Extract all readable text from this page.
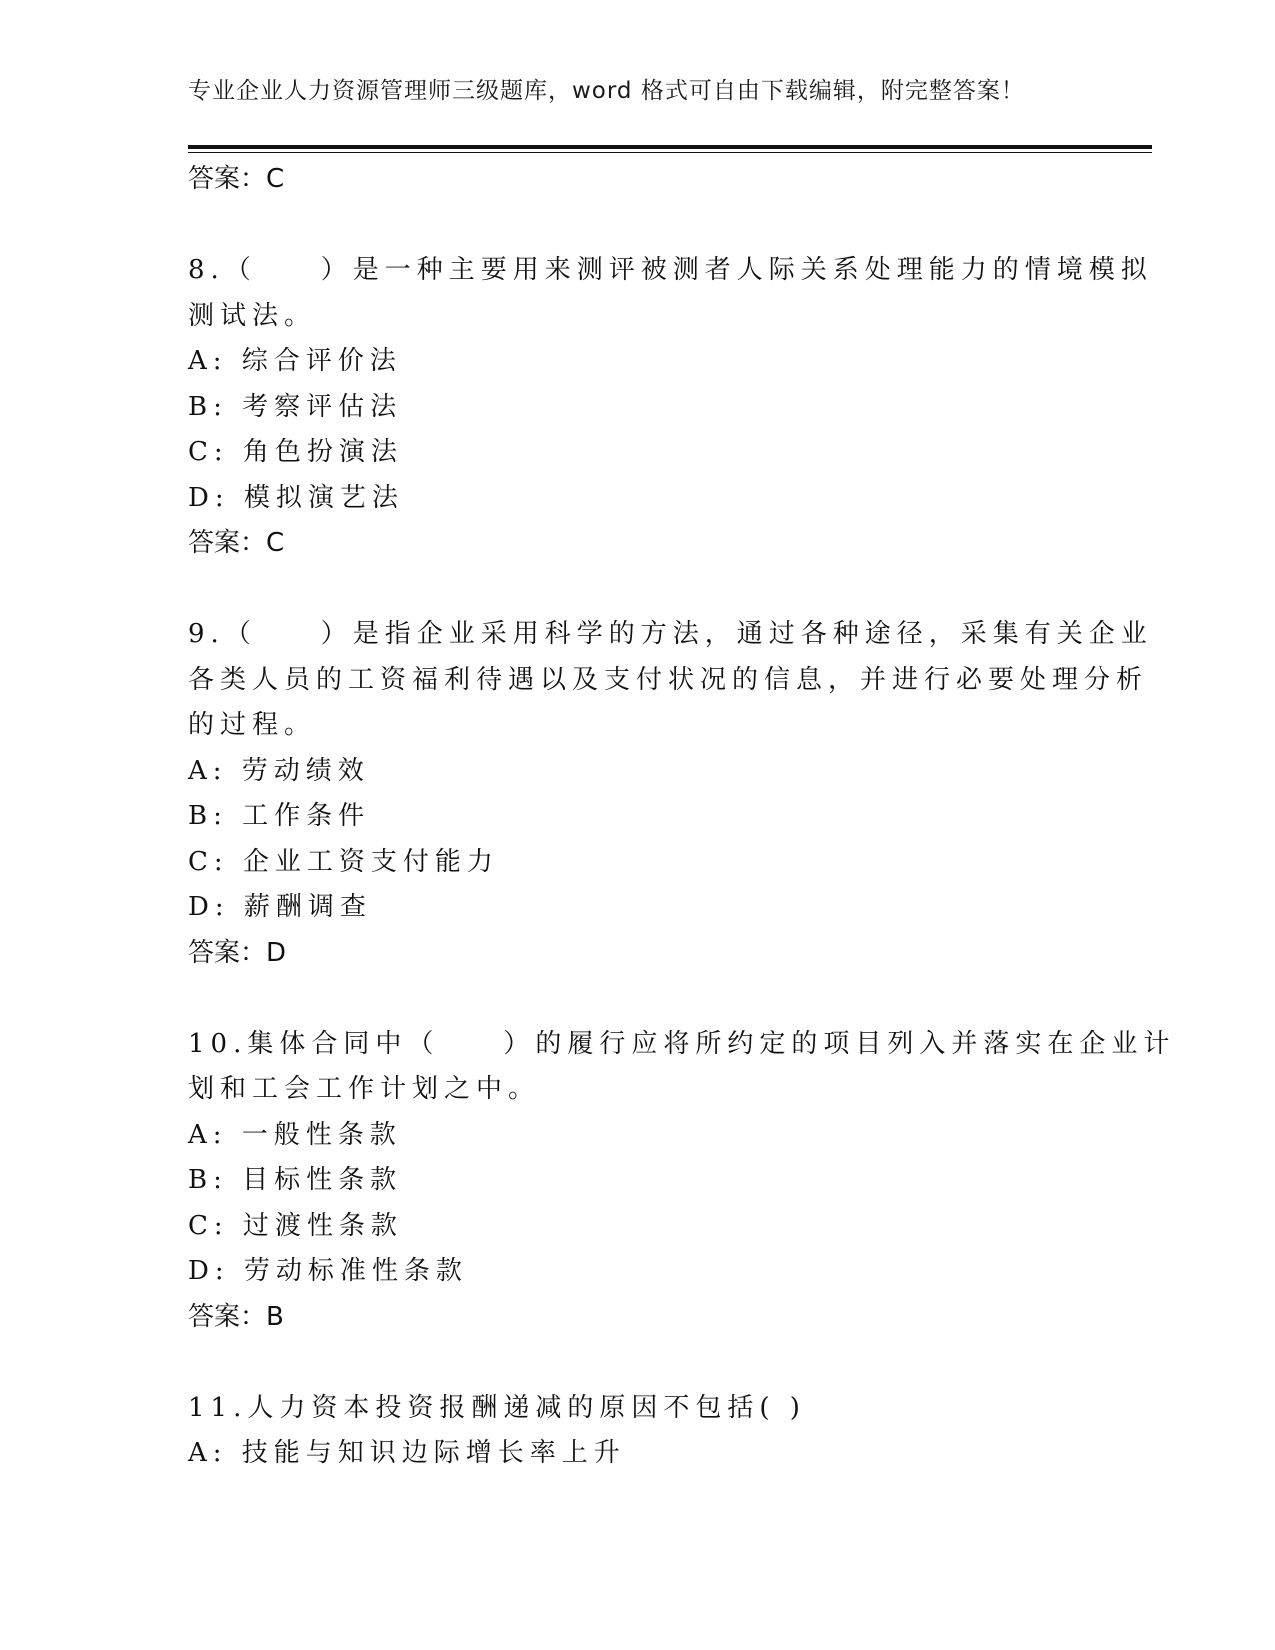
专业企业人力资源管理师三级题库，word 格式可自由下载编辑，附完整答案！
答案：C
8.（　　）是一种主要用来测评被测者人际关系处理能力的情境模拟
测试法。
A: 综合评价法
B: 考察评估法
C: 角色扮演法
D: 模拟演艺法
答案：C
9.（　　）是指企业采用科学的方法，通过各种途径，采集有关企业
各类人员的工资福利待遇以及支付状况的信息，并进行必要处理分析
的过程。
A: 劳动绩效
B: 工作条件
C: 企业工资支付能力
D: 薪酬调查
答案：D
10.集体合同中（　　）的履行应将所约定的项目列入并落实在企业计
划和工会工作计划之中。
A: 一般性条款
B: 目标性条款
C: 过渡性条款
D: 劳动标准性条款
答案：B
11.人力资本投资报酬递减的原因不包括( )
A: 技能与知识边际增长率上升
